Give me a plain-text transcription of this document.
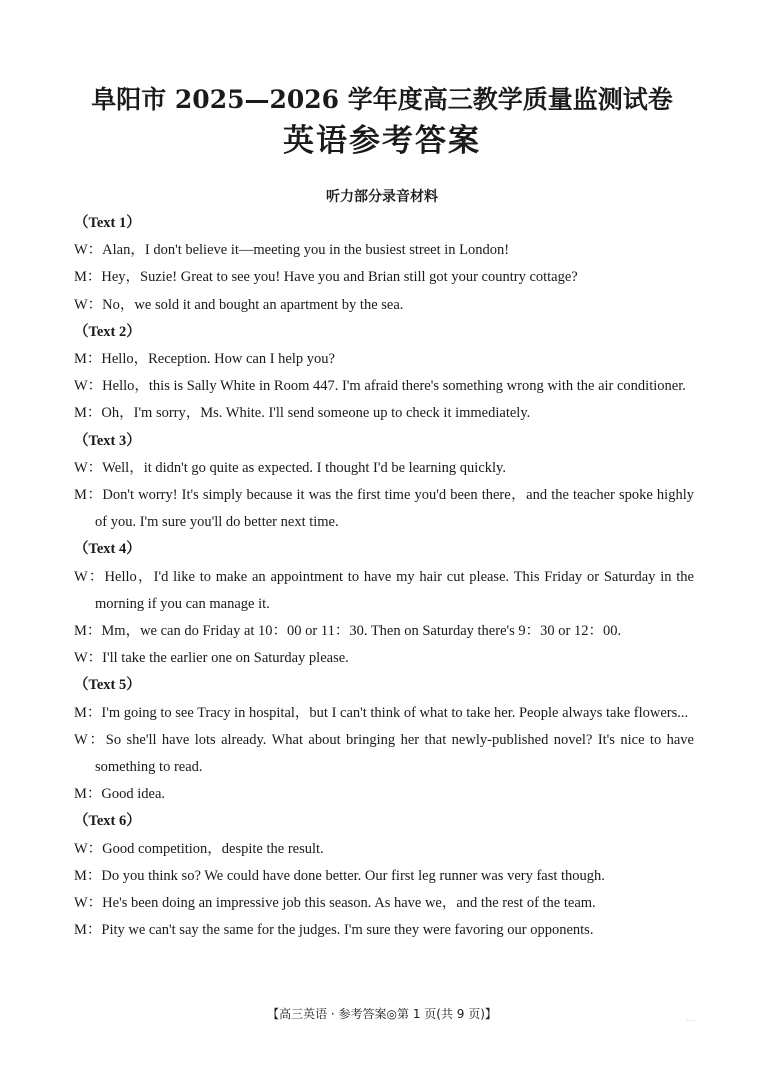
阜阳市 2025—2026 学年度高三教学质量监测试卷
英语参考答案
听力部分录音材料
（Text 1）
W：Alan，I don't believe it—meeting you in the busiest street in London!
M：Hey，Suzie! Great to see you! Have you and Brian still got your country cottage?
W：No，we sold it and bought an apartment by the sea.
（Text 2）
M：Hello，Reception. How can I help you?
W：Hello，this is Sally White in Room 447. I'm afraid there's something wrong with the air conditioner.
M：Oh，I'm sorry，Ms. White. I'll send someone up to check it immediately.
（Text 3）
W：Well，it didn't go quite as expected. I thought I'd be learning quickly.
M：Don't worry! It's simply because it was the first time you'd been there，and the teacher spoke highly of you. I'm sure you'll do better next time.
（Text 4）
W：Hello，I'd like to make an appointment to have my hair cut please. This Friday or Saturday in the morning if you can manage it.
M：Mm，we can do Friday at 10：00 or 11：30. Then on Saturday there's 9：30 or 12：00.
W：I'll take the earlier one on Saturday please.
（Text 5）
M：I'm going to see Tracy in hospital，but I can't think of what to take her. People always take flowers...
W：So she'll have lots already. What about bringing her that newly-published novel? It's nice to have something to read.
M：Good idea.
（Text 6）
W：Good competition，despite the result.
M：Do you think so? We could have done better. Our first leg runner was very fast though.
W：He's been doing an impressive job this season. As have we，and the rest of the team.
M：Pity we can't say the same for the judges. I'm sure they were favoring our opponents.
【高三英语 · 参考答案◎第 1 页(共 9 页)】	....
